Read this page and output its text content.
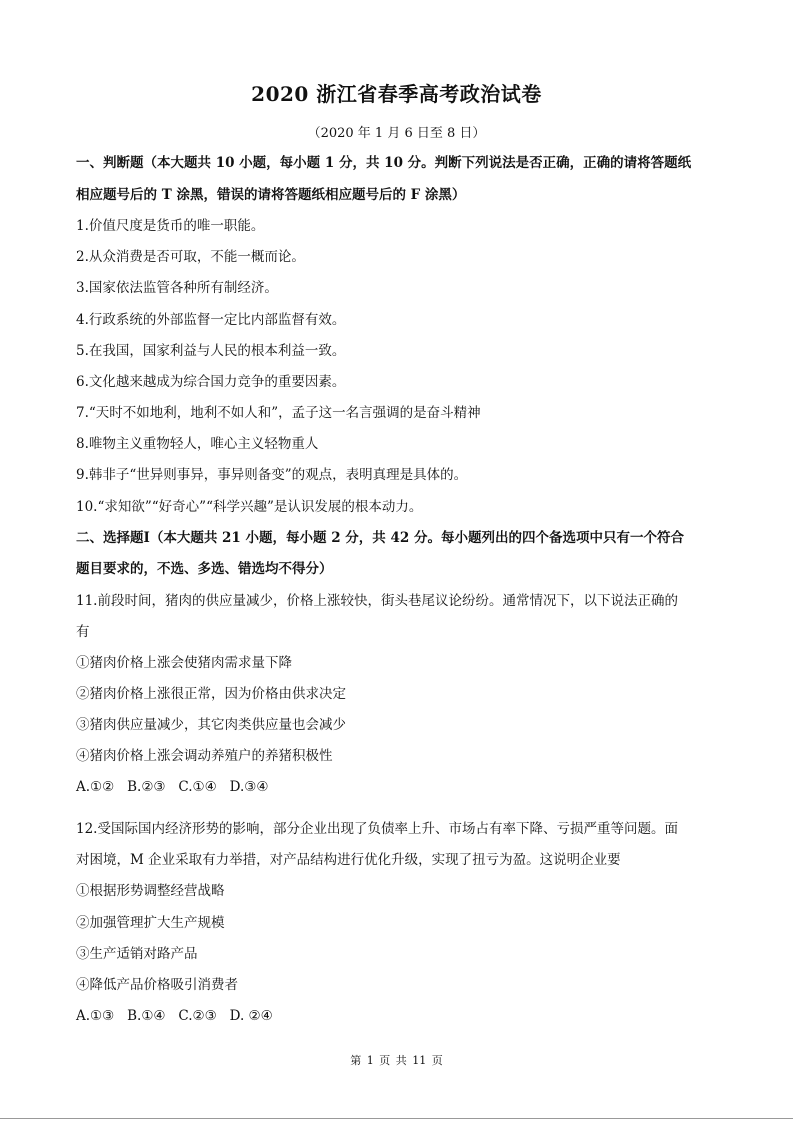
2020 浙江省春季高考政治试卷
（2020 年 1 月 6 日至 8 日）
一、判断题（本大题共 10 小题，每小题 1 分，共 10 分。判断下列说法是否正确，正确的请将答题纸
相应题号后的 T 涂黑，错误的请将答题纸相应题号后的 F 涂黑）
1.价值尺度是货币的唯一职能。
2.从众消费是否可取，不能一概而论。
3.国家依法监管各种所有制经济。
4.行政系统的外部监督一定比内部监督有效。
5.在我国，国家利益与人民的根本利益一致。
6.文化越来越成为综合国力竞争的重要因素。
7.“天时不如地利，地利不如人和”，孟子这一名言强调的是奋斗精神
8.唯物主义重物轻人，唯心主义轻物重人
9.韩非子“世异则事异，事异则备变”的观点，表明真理是具体的。
10.“求知欲”“好奇心”“科学兴趣”是认识发展的根本动力。
二、选择题Ⅰ（本大题共 21 小题，每小题 2 分，共 42 分。每小题列出的四个备选项中只有一个符合
题目要求的，不选、多选、错选均不得分）
11.前段时间，猪肉的供应量减少，价格上涨较快，街头巷尾议论纷纷。通常情况下，以下说法正确的
有
①猪肉价格上涨会使猪肉需求量下降
②猪肉价格上涨很正常，因为价格由供求决定
③猪肉供应量减少，其它肉类供应量也会减少
④猪肉价格上涨会调动养殖户的养猪积极性
A.①②   B.②③   C.①④   D.③④
12.受国际国内经济形势的影响，部分企业出现了负债率上升、市场占有率下降、亏损严重等问题。面
对困境，M 企业采取有力举措，对产品结构进行优化升级，实现了扭亏为盈。这说明企业要
①根据形势调整经营战略
②加强管理扩大生产规模
③生产适销对路产品
④降低产品价格吸引消费者
A.①③   B.①④   C.②③   D. ②④
第 1 页 共 11 页
